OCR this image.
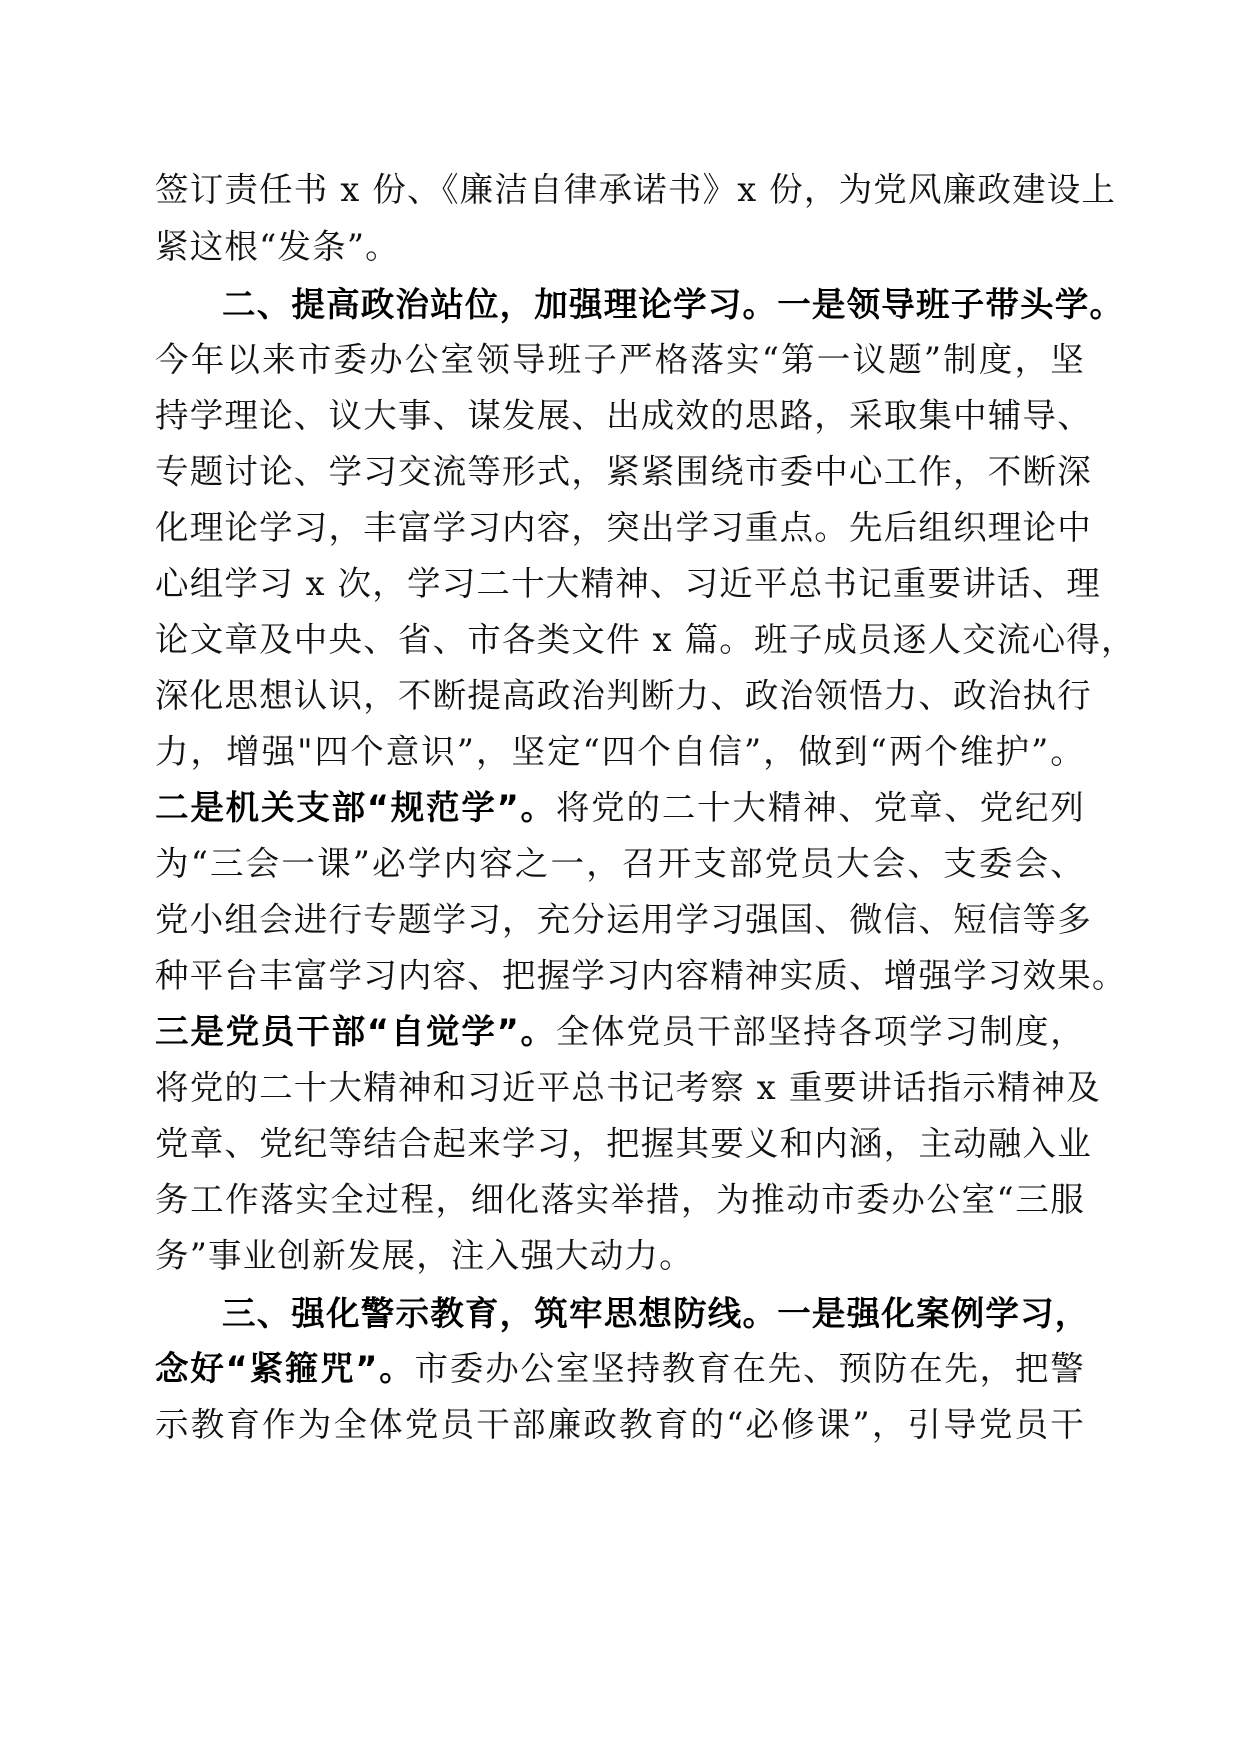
签订责任书 x 份、《廉洁自律承诺书》x 份，为党风廉政建设上
紧这根“发条”。
二、提高政治站位，加强理论学习。一是领导班子带头学。
今年以来市委办公室领导班子严格落实“第一议题”制度，坚
持学理论、议大事、谋发展、出成效的思路，采取集中辅导、
专题讨论、学习交流等形式，紧紧围绕市委中心工作，不断深
化理论学习，丰富学习内容，突出学习重点。先后组织理论中
心组学习 x 次，学习二十大精神、习近平总书记重要讲话、理
论文章及中央、省、市各类文件 x 篇。班子成员逐人交流心得，
深化思想认识，不断提高政治判断力、政治领悟力、政治执行
力，增强"四个意识”，坚定“四个自信”，做到“两个维护”。
二是机关支部“规范学”。将党的二十大精神、党章、党纪列
为“三会一课”必学内容之一，召开支部党员大会、支委会、
党小组会进行专题学习，充分运用学习强国、微信、短信等多
种平台丰富学习内容、把握学习内容精神实质、增强学习效果。
三是党员干部“自觉学”。全体党员干部坚持各项学习制度，
将党的二十大精神和习近平总书记考察 x 重要讲话指示精神及
党章、党纪等结合起来学习，把握其要义和内涵，主动融入业
务工作落实全过程，细化落实举措，为推动市委办公室“三服
务”事业创新发展，注入强大动力。
三、强化警示教育，筑牢思想防线。一是强化案例学习，
念好“紧箍咒”。市委办公室坚持教育在先、预防在先，把警
示教育作为全体党员干部廉政教育的“必修课”，引导党员干
